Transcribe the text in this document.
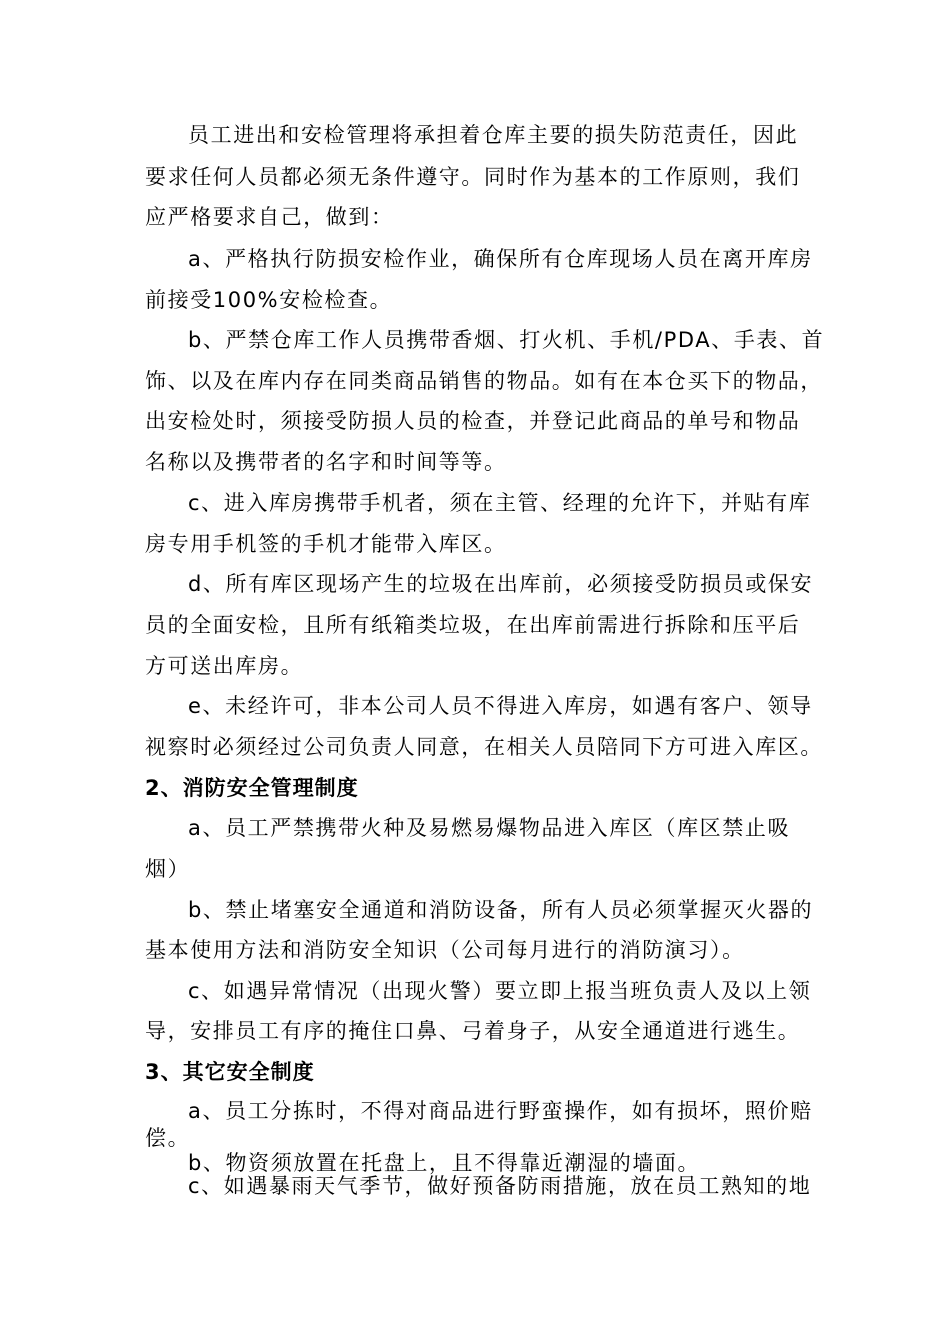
员工进出和安检管理将承担着仓库主要的损失防范责任，因此
要求任何人员都必须无条件遵守。同时作为基本的工作原则，我们
应严格要求自己，做到：
a、严格执行防损安检作业，确保所有仓库现场人员在离开库房
前接受100%安检检查。
b、严禁仓库工作人员携带香烟、打火机、手机/PDA、手表、首
饰、以及在库内存在同类商品销售的物品。如有在本仓买下的物品，
出安检处时，须接受防损人员的检查，并登记此商品的单号和物品
名称以及携带者的名字和时间等等。
c、进入库房携带手机者，须在主管、经理的允许下，并贴有库
房专用手机签的手机才能带入库区。
d、所有库区现场产生的垃圾在出库前，必须接受防损员或保安
员的全面安检，且所有纸箱类垃圾，在出库前需进行拆除和压平后
方可送出库房。
e、未经许可，非本公司人员不得进入库房，如遇有客户、领导
视察时必须经过公司负责人同意，在相关人员陪同下方可进入库区。
2、消防安全管理制度
a、员工严禁携带火种及易燃易爆物品进入库区（库区禁止吸
烟）
b、禁止堵塞安全通道和消防设备，所有人员必须掌握灭火器的
基本使用方法和消防安全知识（公司每月进行的消防演习）。
c、如遇异常情况（出现火警）要立即上报当班负责人及以上领
导，安排员工有序的掩住口鼻、弓着身子，从安全通道进行逃生。
3、其它安全制度
a、员工分拣时，不得对商品进行野蛮操作，如有损坏，照价赔
偿。
b、物资须放置在托盘上，且不得靠近潮湿的墙面。
c、如遇暴雨天气季节，做好预备防雨措施，放在员工熟知的地
